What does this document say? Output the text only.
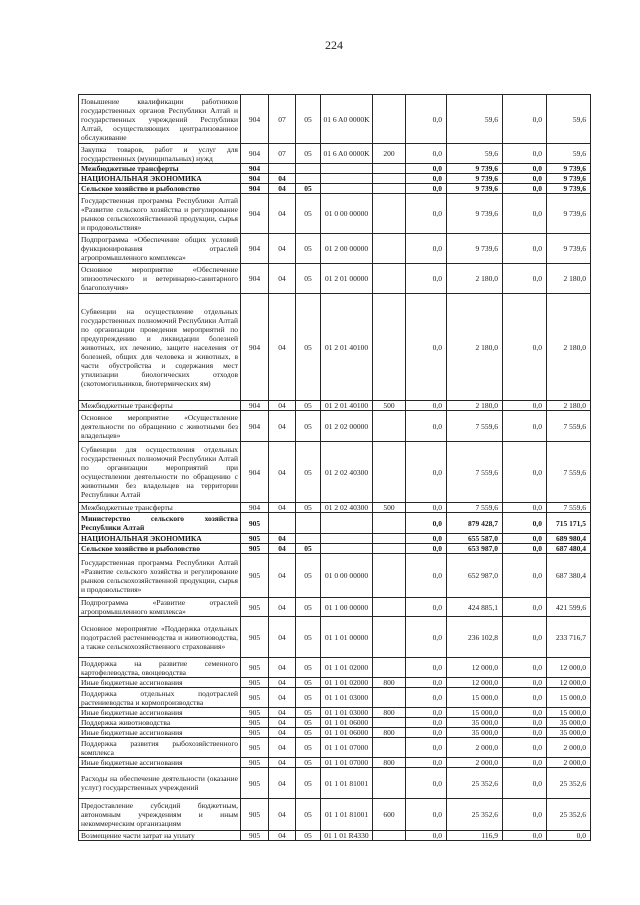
224
Повышение квалификации работников государственных органов Республики Алтай и государственных учреждений Республики Алтай, осуществляющих централизованное обслуживание	904	07	05	01 6 A0 0000K		0,0	59,6	0,0	59,6
Закупка товаров, работ и услуг для государственных (муниципальных) нужд	904	07	05	01 6 A0 0000K	200	0,0	59,6	0,0	59,6
Межбюджетные трансферты	904					0,0	9 739,6	0,0	9 739,6
НАЦИОНАЛЬНАЯ ЭКОНОМИКА	904	04				0,0	9 739,6	0,0	9 739,6
Сельское хозяйство и рыболовство	904	04	05			0,0	9 739,6	0,0	9 739,6
Государственная программа Республики Алтай «Развитие сельского хозяйства и регулирование рынков сельскохозяйственной продукции, сырья и продовольствия»	904	04	05	01 0 00 00000		0,0	9 739,6	0,0	9 739,6
Подпрограмма «Обеспечение общих условий функционирования отраслей агропромышленного комплекса»	904	04	05	01 2 00 00000		0,0	9 739,6	0,0	9 739,6
Основное мероприятие «Обеспечение эпизоотического и ветеринарно-санитарного благополучия»	904	04	05	01 2 01 00000		0,0	2 180,0	0,0	2 180,0
Субвенции на осуществление отдельных государственных полномочий Республики Алтай по организации проведения мероприятий по предупреждению и ликвидации болезней животных, их лечению, защите населения от болезней, общих для человека и животных, в части обустройства и содержания мест утилизации биологических отходов (скотомогильников, биотермических ям)	904	04	05	01 2 01 40100		0,0	2 180,0	0,0	2 180,0
Межбюджетные трансферты	904	04	05	01 2 01 40100	500	0,0	2 180,0	0,0	2 180,0
Основное мероприятие «Осуществление деятельности по обращению с животными без владельцев»	904	04	05	01 2 02 00000		0,0	7 559,6	0,0	7 559,6
Субвенции для осуществления отдельных государственных полномочий Республики Алтай по организации мероприятий при осуществлении деятельности по обращению с животными без владельцев на территории Республики Алтай	904	04	05	01 2 02 40300		0,0	7 559,6	0,0	7 559,6
Межбюджетные трансферты	904	04	05	01 2 02 40300	500	0,0	7 559,6	0,0	7 559,6
Министерство сельского хозяйства Республики Алтай	905					0,0	879 428,7	0,0	715 171,5
НАЦИОНАЛЬНАЯ ЭКОНОМИКА	905	04				0,0	655 587,0	0,0	689 980,4
Сельское хозяйство и рыболовство	905	04	05			0,0	653 987,0	0,0	687 480,4
Государственная программа Республики Алтай «Развитие сельского хозяйства и регулирование рынков сельскохозяйственной продукции, сырья и продовольствия»	905	04	05	01 0 00 00000		0,0	652 987,0	0,0	687 380,4
Подпрограмма «Развитие отраслей агропромышленного комплекса»	905	04	05	01 1 00 00000		0,0	424 885,1	0,0	421 599,6
Основное мероприятие «Поддержка отдельных подотраслей растениеводства и животноводства, а также сельскохозяйственного страхования»	905	04	05	01 1 01 00000		0,0	236 102,8	0,0	233 716,7
Поддержка на развитие семенного картофелеводства, овощеводства	905	04	05	01 1 01 02000		0,0	12 000,0	0,0	12 000,0
Иные бюджетные ассигнования	905	04	05	01 1 01 02000	800	0,0	12 000,0	0,0	12 000,0
Поддержка отдельных подотраслей растениеводства и кормопроизводства	905	04	05	01 1 01 03000		0,0	15 000,0	0,0	15 000,0
Иные бюджетные ассигнования	905	04	05	01 1 01 03000	800	0,0	15 000,0	0,0	15 000,0
Поддержка животноводства	905	04	05	01 1 01 06000		0,0	35 000,0	0,0	35 000,0
Иные бюджетные ассигнования	905	04	05	01 1 01 06000	800	0,0	35 000,0	0,0	35 000,0
Поддержка развития рыбохозяйственного комплекса	905	04	05	01 1 01 07000		0,0	2 000,0	0,0	2 000,0
Иные бюджетные ассигнования	905	04	05	01 1 01 07000	800	0,0	2 000,0	0,0	2 000,0
Расходы на обеспечение деятельности (оказание услуг) государственных учреждений	905	04	05	01 1 01 81001		0,0	25 352,6	0,0	25 352,6
Предоставление субсидий бюджетным, автономным учреждениям и иным некоммерческим организациям	905	04	05	01 1 01 81001	600	0,0	25 352,6	0,0	25 352,6
Возмещение части затрат на уплату	905	04	05	01 1 01 R4330		0,0	116,9	0,0	0,0
